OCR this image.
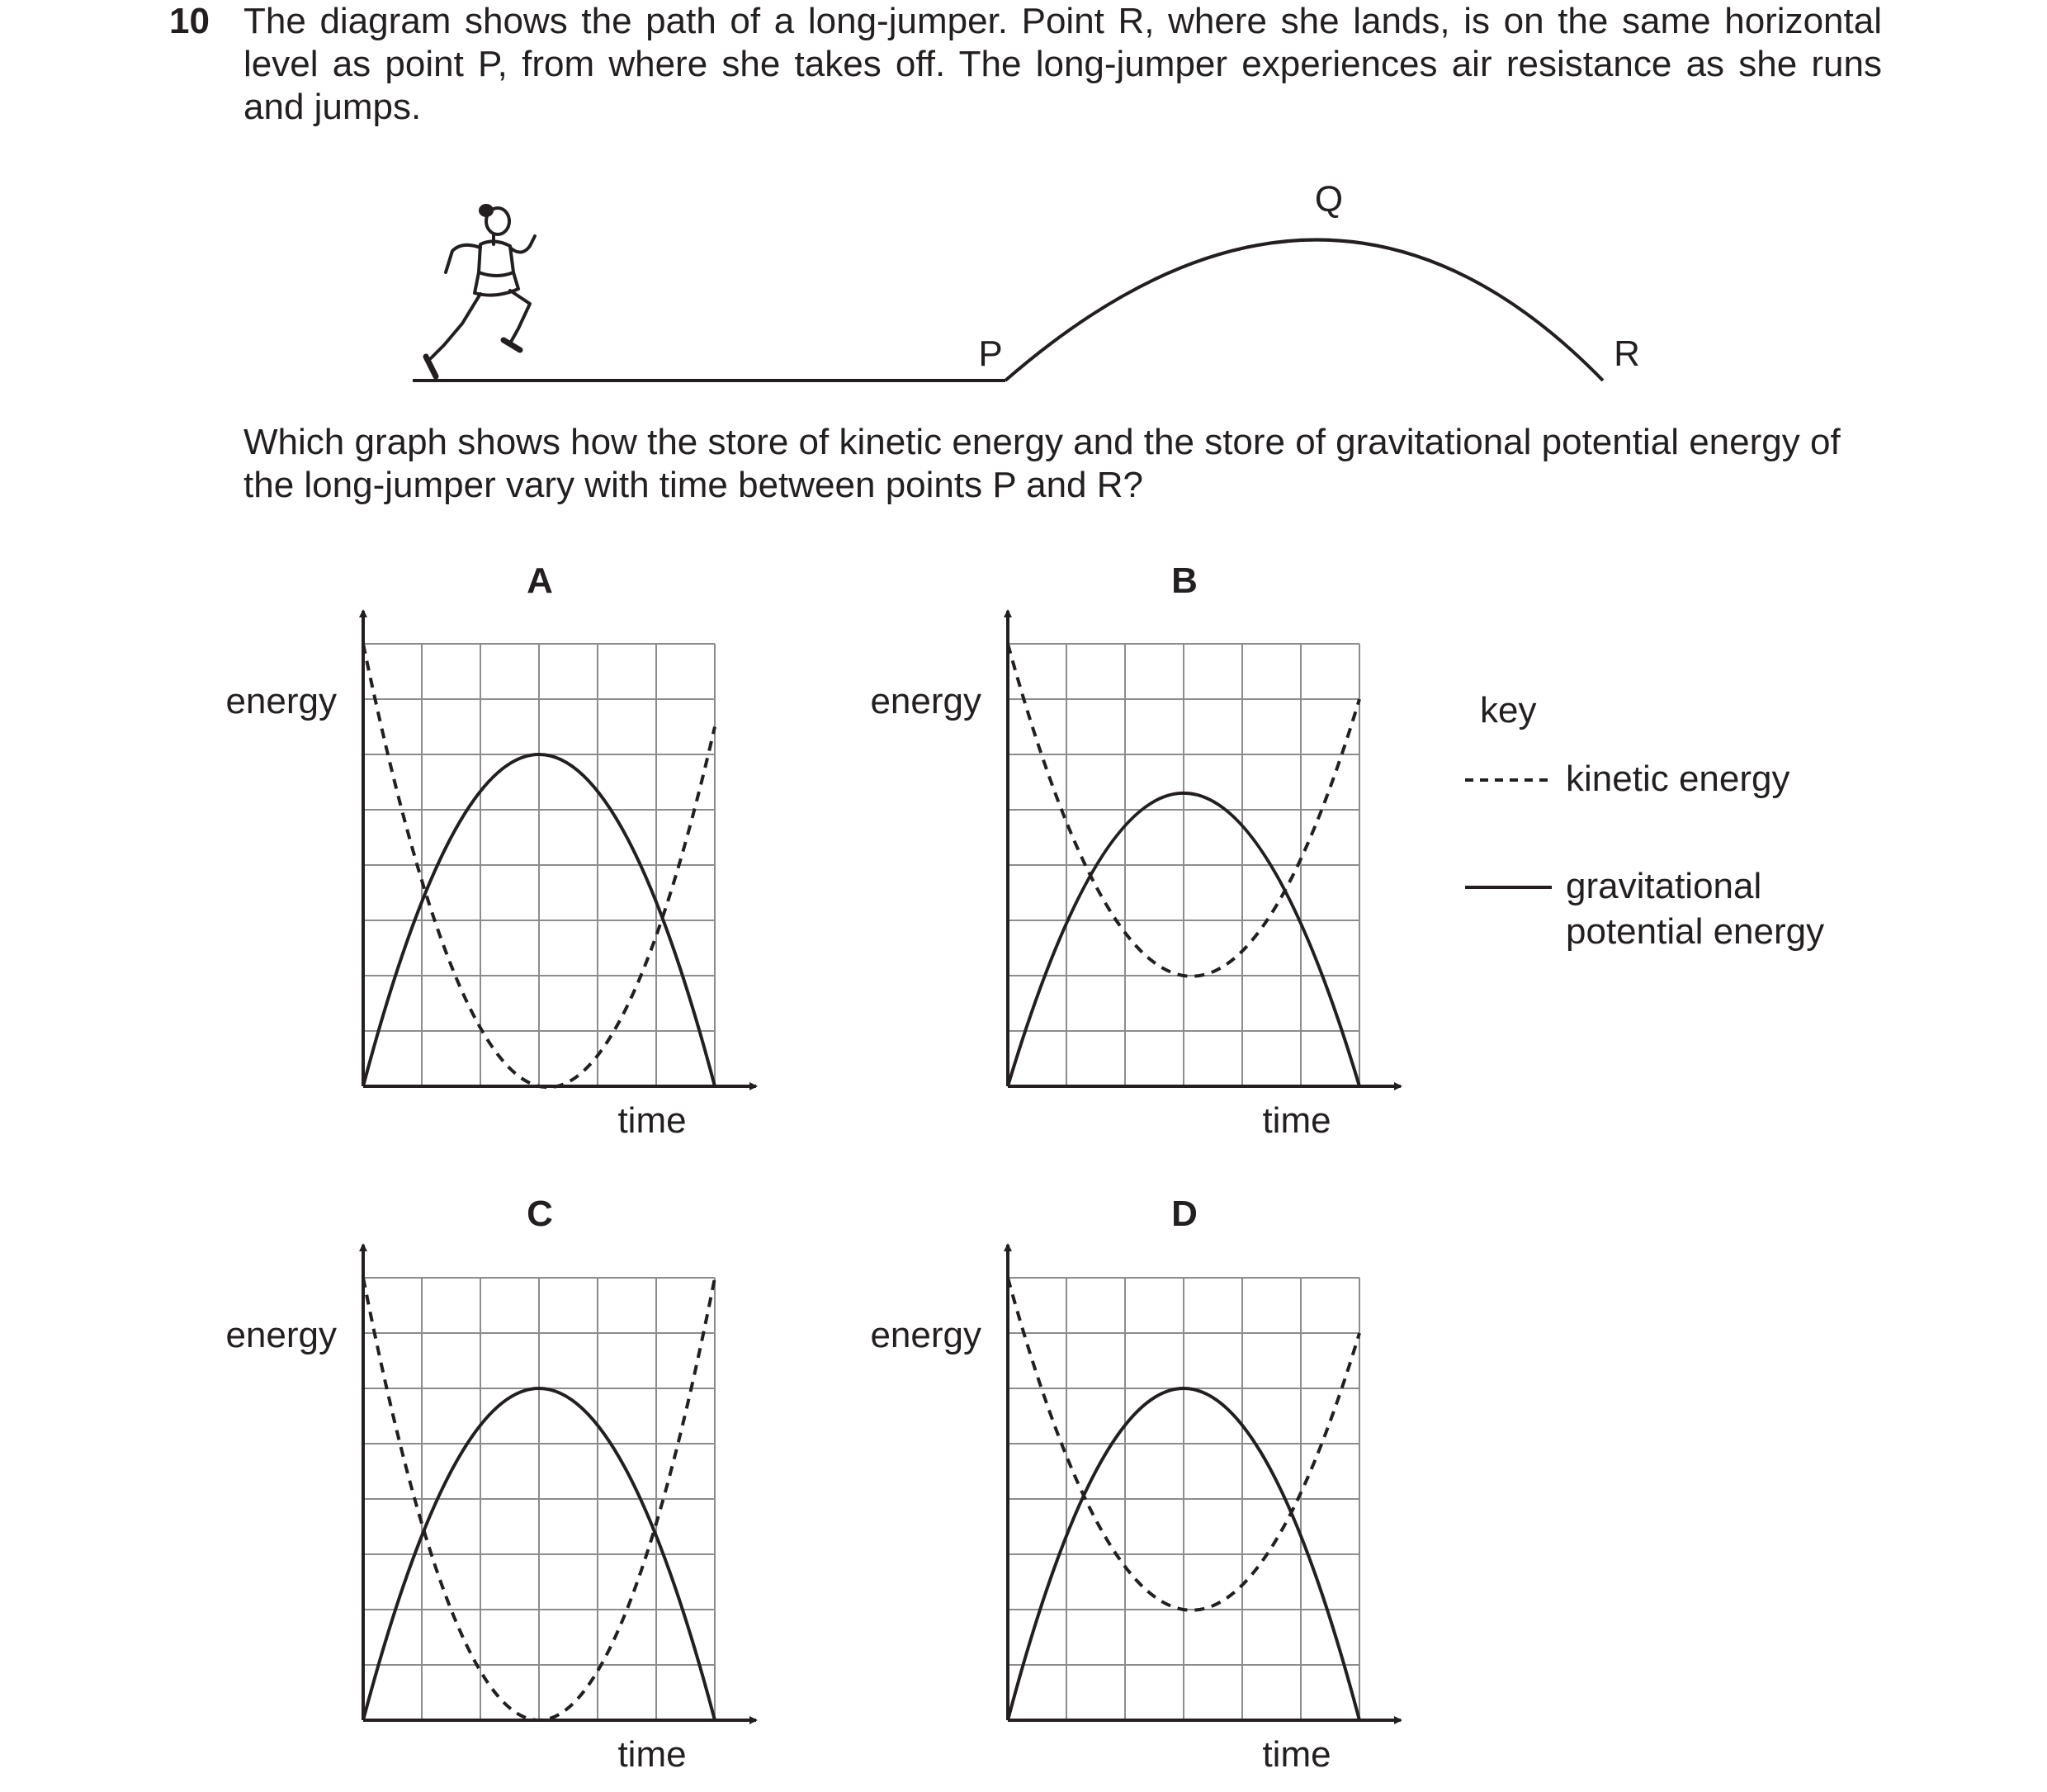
10 The diagram shows the path of a long-jumper. Point R, where she lands, is on the same horizontal level as point P, from where she takes off. The long-jumper experiences air resistance as she runs and jumps.

Which graph shows how the store of kinetic energy and the store of gravitational potential energy of the long-jumper vary with time between points P and R?

P
Q
R
A	B
C	D
energy	energy
energy	energy
time	time
time	time
key
kinetic energy
gravitational
potential energy
